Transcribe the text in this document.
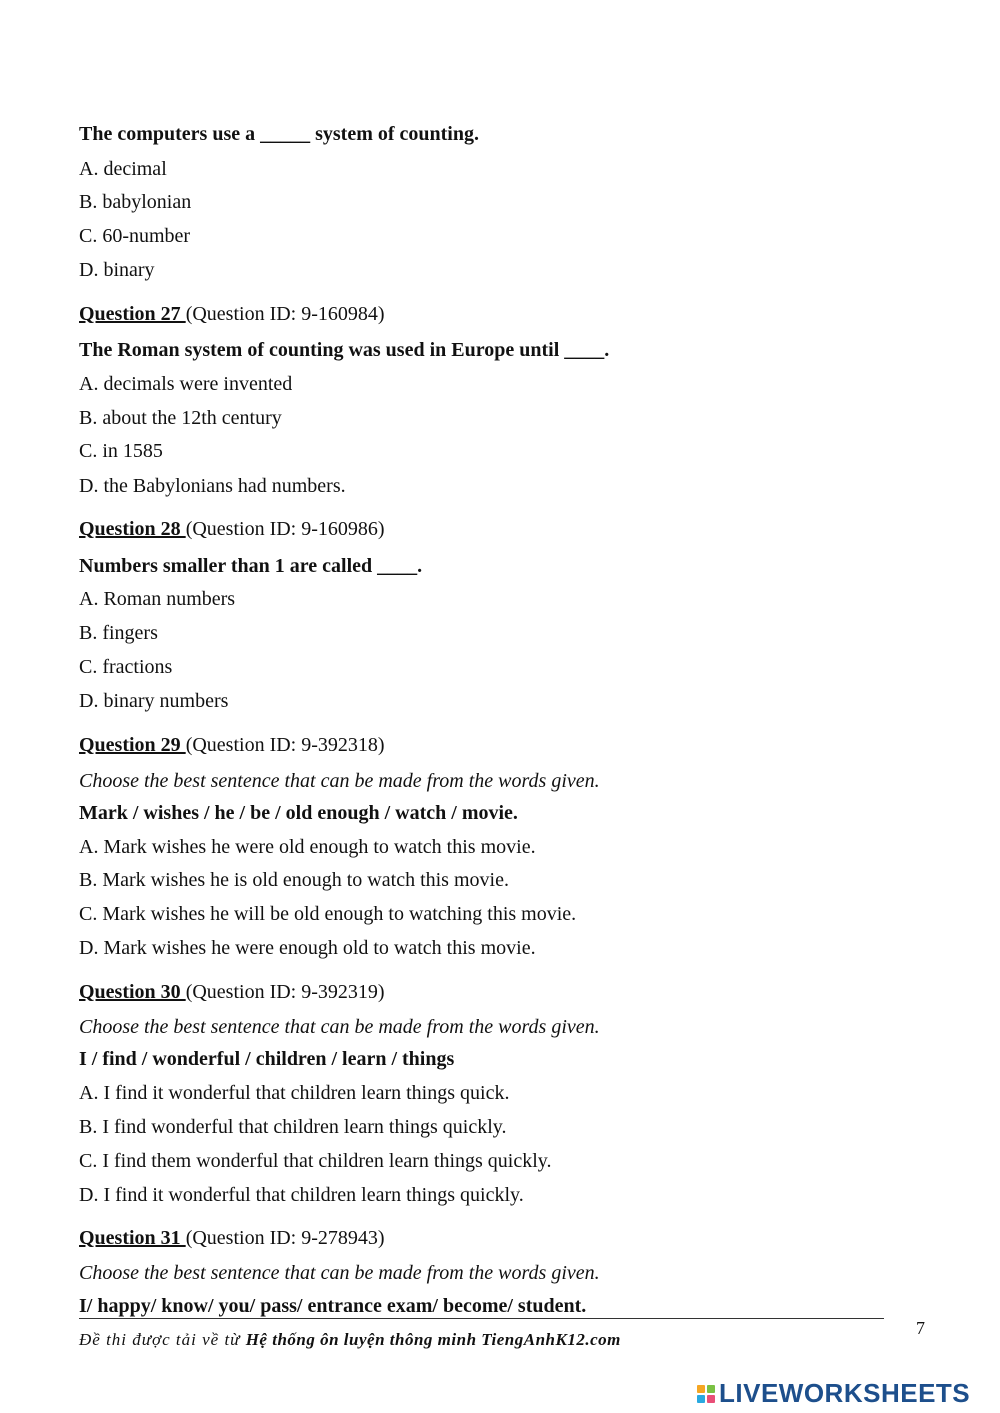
The computers use a _____ system of counting.
A. decimal
B. babylonian
C. 60-number
D. binary
Question 27 (Question ID: 9-160984)
The Roman system of counting was used in Europe until ____.
A. decimals were invented
B. about the 12th century
C. in 1585
D. the Babylonians had numbers.
Question 28 (Question ID: 9-160986)
Numbers smaller than 1 are called ____.
A. Roman numbers
B. fingers
C. fractions
D. binary numbers
Question 29 (Question ID: 9-392318)
Choose the best sentence that can be made from the words given.
Mark / wishes / he / be / old enough / watch / movie.
A. Mark wishes he were old enough to watch this movie.
B. Mark wishes he is old enough to watch this movie.
C. Mark wishes he will be old enough to watching this movie.
D. Mark wishes he were enough old to watch this movie.
Question 30 (Question ID: 9-392319)
Choose the best sentence that can be made from the words given.
I / find / wonderful / children / learn / things
A. I find it wonderful that children learn things quick.
B. I find wonderful that children learn things quickly.
C. I find them wonderful that children learn things quickly.
D. I find it wonderful that children learn things quickly.
Question 31 (Question ID: 9-278943)
Choose the best sentence that can be made from the words given.
I/ happy/ know/ you/ pass/ entrance exam/ become/ student.
Đề thi được tải về từ Hệ thống ôn luyện thông minh TiengAnhK12.com
7
LIVEWORKSHEETS
